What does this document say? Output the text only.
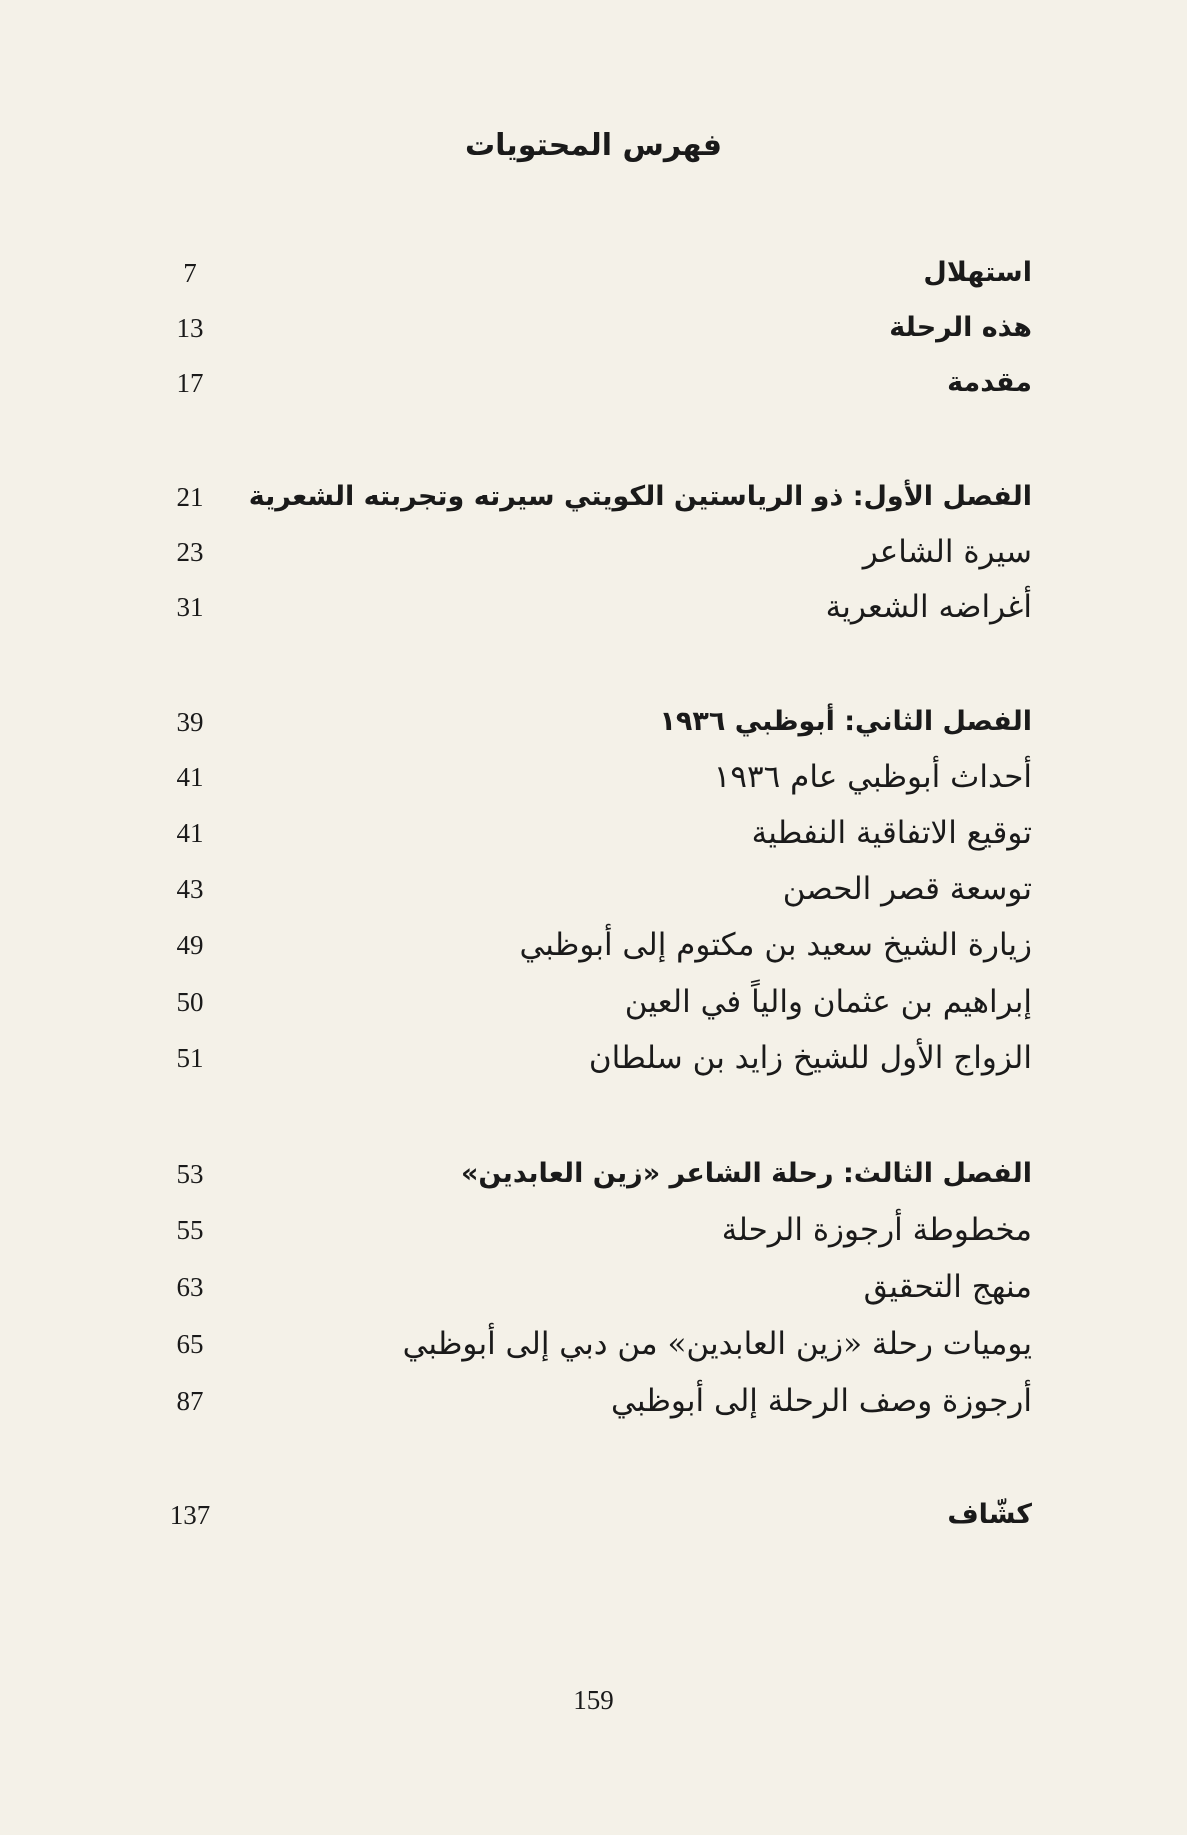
فهرس المحتويات
استهلال
7
هذه الرحلة
13
مقدمة
17
الفصل الأول: ذو الرياستين الكويتي سيرته وتجربته الشعرية
21
سيرة الشاعر
23
أغراضه الشعرية
31
الفصل الثاني: أبوظبي ١٩٣٦
39
أحداث أبوظبي عام ١٩٣٦
41
توقيع الاتفاقية النفطية
41
توسعة قصر الحصن
43
زيارة الشيخ سعيد بن مكتوم إلى أبوظبي
49
إبراهيم بن عثمان والياً في العين
50
الزواج الأول للشيخ زايد بن سلطان
51
الفصل الثالث: رحلة الشاعر «زين العابدين»
53
مخطوطة أرجوزة الرحلة
55
منهج التحقيق
63
يوميات رحلة «زين العابدين» من دبي إلى أبوظبي
65
أرجوزة وصف الرحلة إلى أبوظبي
87
كشّاف
137
159
